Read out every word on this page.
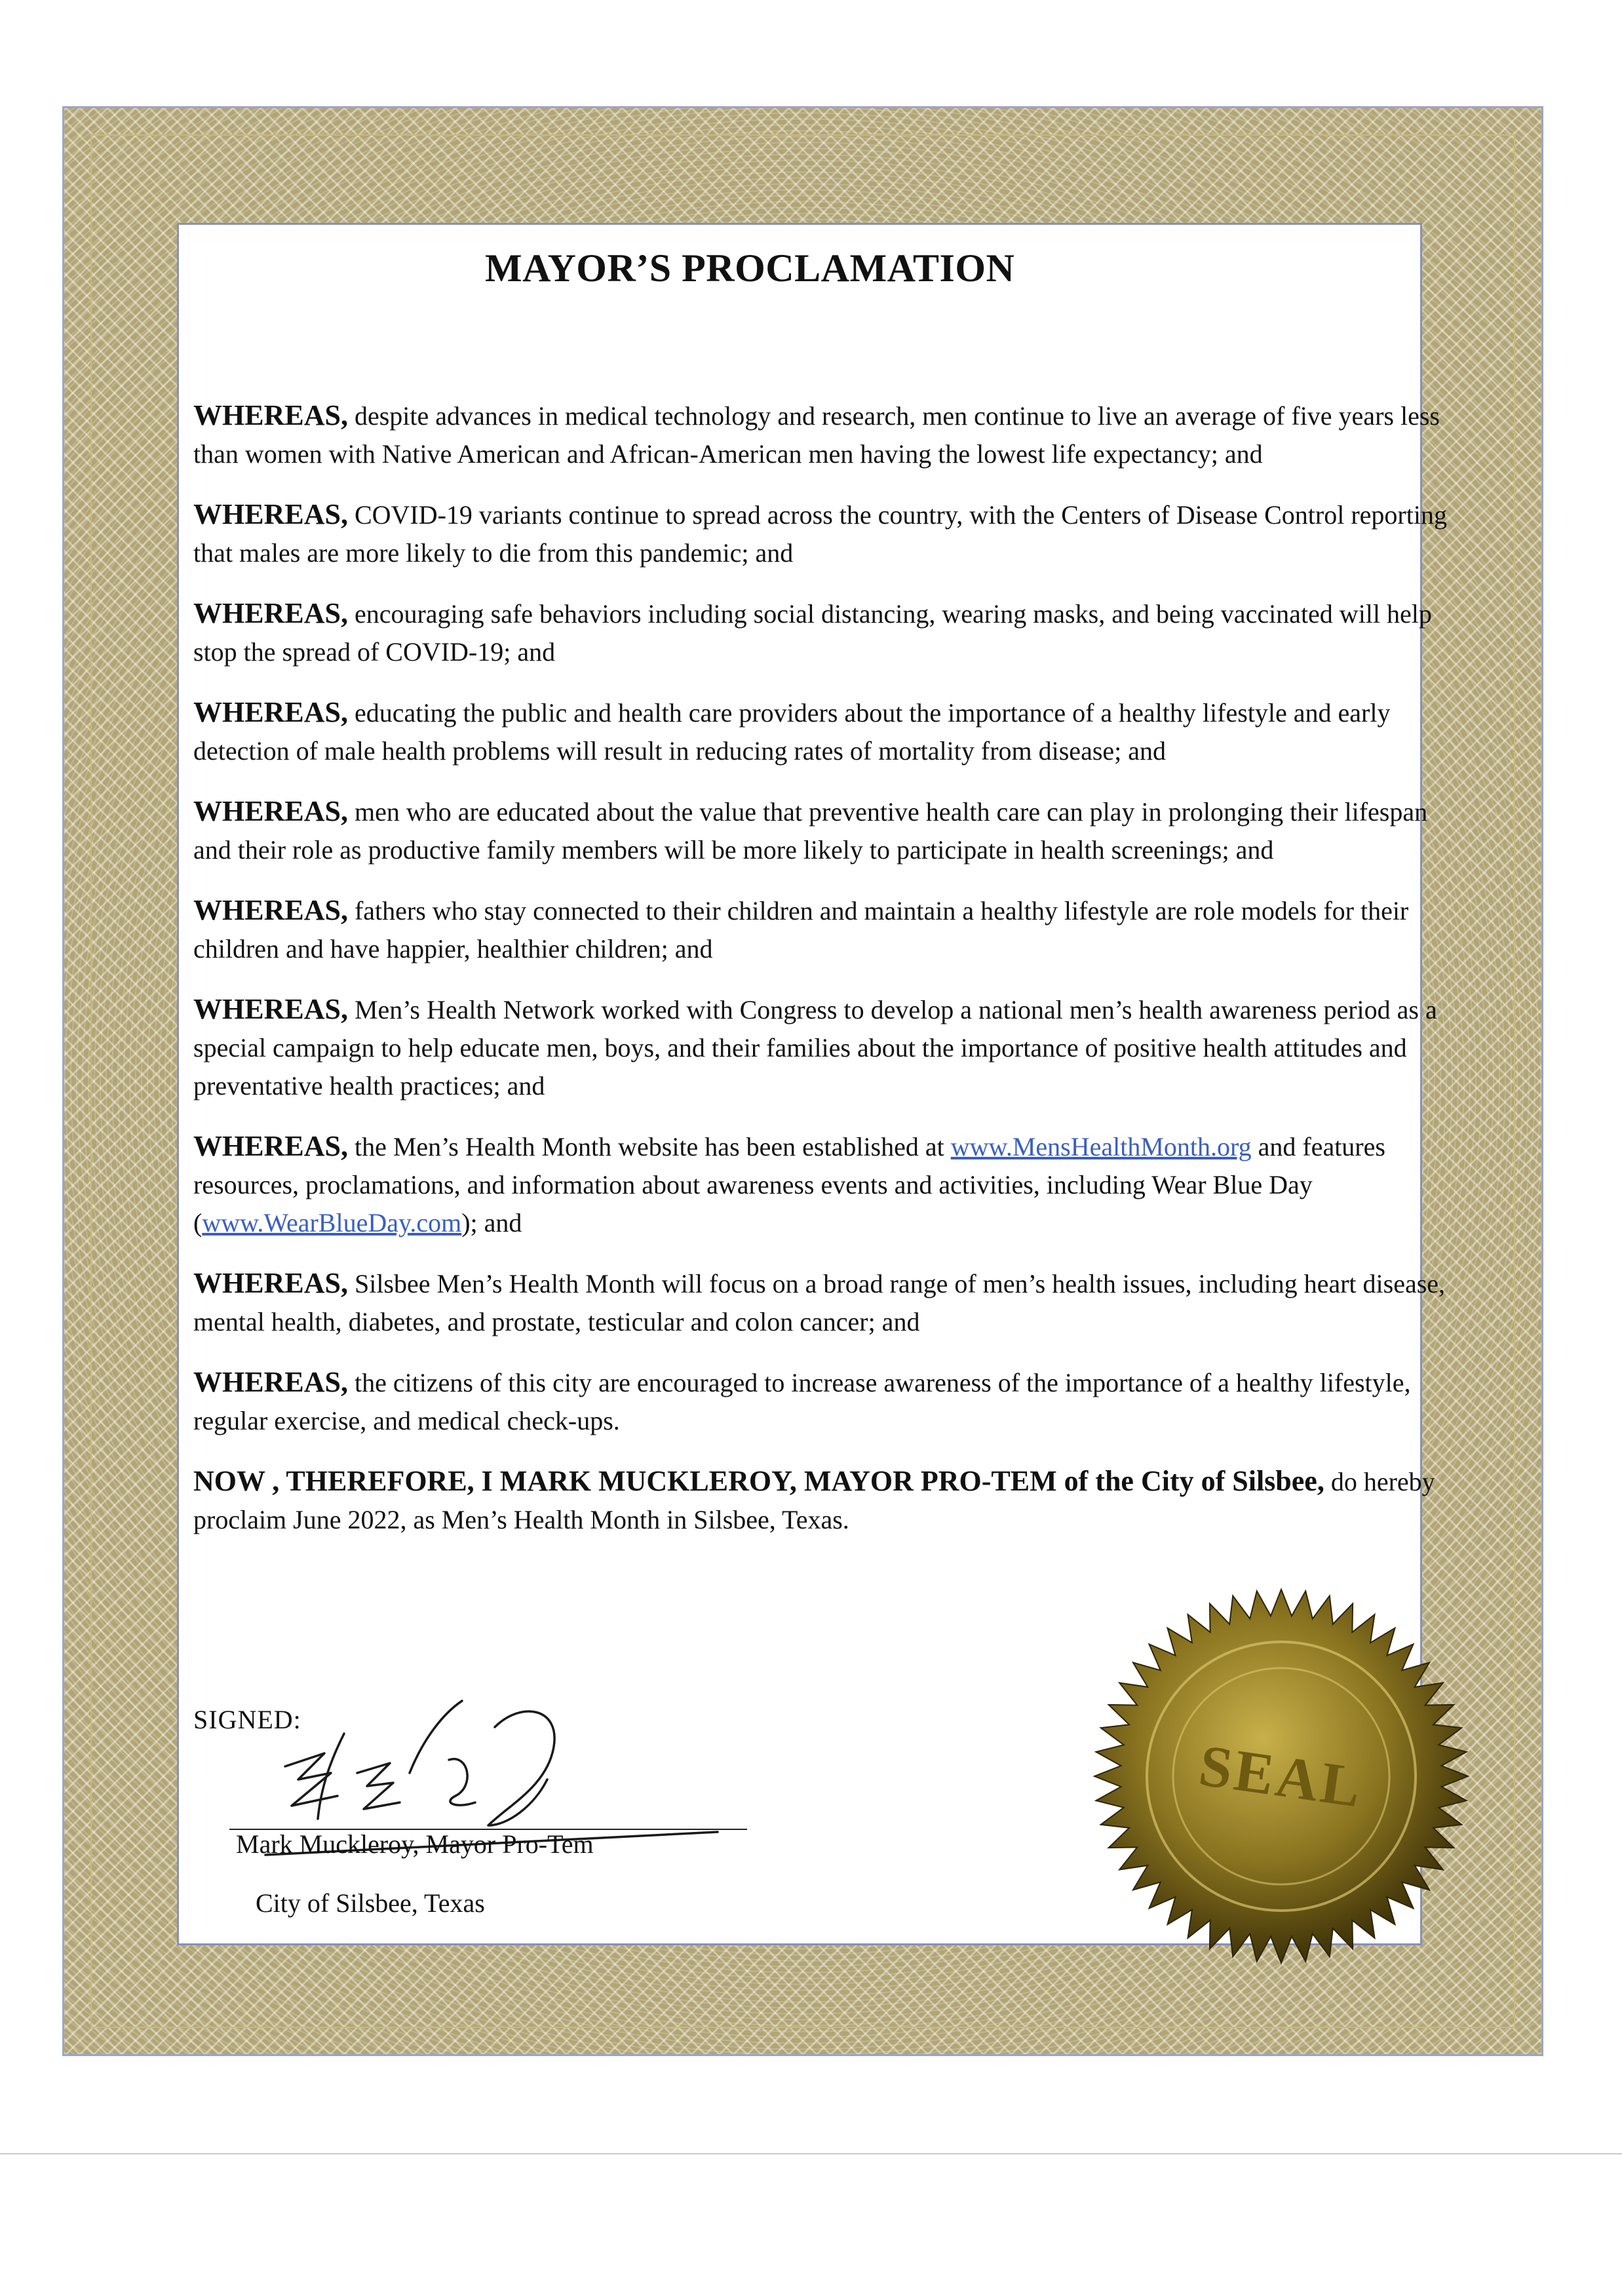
MAYOR’S PROCLAMATION

WHEREAS, despite advances in medical technology and research, men continue to live an average of five years less than women with Native American and African-American men having the lowest life expectancy; and

WHEREAS, COVID-19 variants continue to spread across the country, with the Centers of Disease Control reporting that males are more likely to die from this pandemic; and

WHEREAS, encouraging safe behaviors including social distancing, wearing masks, and being vaccinated will help stop the spread of COVID-19; and

WHEREAS, educating the public and health care providers about the importance of a healthy lifestyle and early detection of male health problems will result in reducing rates of mortality from disease; and

WHEREAS, men who are educated about the value that preventive health care can play in prolonging their lifespan and their role as productive family members will be more likely to participate in health screenings; and

WHEREAS, fathers who stay connected to their children and maintain a healthy lifestyle are role models for their children and have happier, healthier children; and

WHEREAS, Men’s Health Network worked with Congress to develop a national men’s health awareness period as a special campaign to help educate men, boys, and their families about the importance of positive health attitudes and preventative health practices; and

WHEREAS, the Men’s Health Month website has been established at www.MensHealthMonth.org and features resources, proclamations, and information about awareness events and activities, including Wear Blue Day (www.WearBlueDay.com); and

WHEREAS, Silsbee Men’s Health Month will focus on a broad range of men’s health issues, including heart disease, mental health, diabetes, and prostate, testicular and colon cancer; and

WHEREAS, the citizens of this city are encouraged to increase awareness of the importance of a healthy lifestyle, regular exercise, and medical check-ups.

NOW , THEREFORE, I MARK MUCKLEROY, MAYOR PRO-TEM of the City of Silsbee, do hereby proclaim June 2022, as Men’s Health Month in Silsbee, Texas.

SIGNED:
Mark Muckleroy, Mayor Pro-Tem
City of Silsbee, Texas
SEAL
